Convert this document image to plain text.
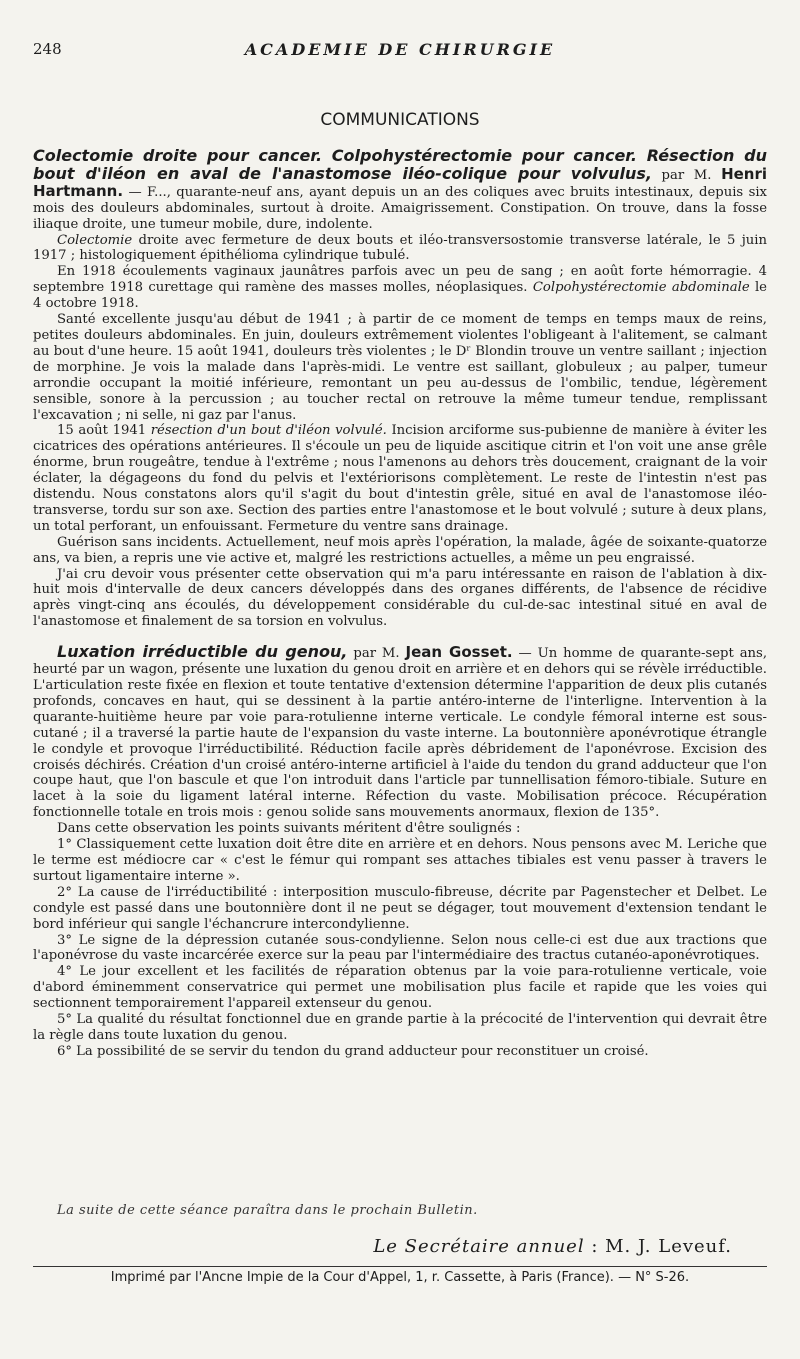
248	ACADEMIE DE CHIRURGIE
COMMUNICATIONS

Colectomie droite pour cancer. Colpohystérectomie pour cancer. Résection du bout d'iléon en aval de l'anastomose iléo-colique pour volvulus, par M. Henri Hartmann. — F..., quarante-neuf ans, ayant depuis un an des coliques avec bruits intestinaux, depuis six mois des douleurs abdominales, surtout à droite. Amaigrissement. Constipation. On trouve, dans la fosse iliaque droite, une tumeur mobile, dure, indolente.

Colectomie droite avec fermeture de deux bouts et iléo-transversostomie transverse latérale, le 5 juin 1917 ; histologiquement épithélioma cylindrique tubulé.

En 1918 écoulements vaginaux jaunâtres parfois avec un peu de sang ; en août forte hémorragie. 4 septembre 1918 curettage qui ramène des masses molles, néoplasiques. Colpohystérectomie abdominale le 4 octobre 1918.

Santé excellente jusqu'au début de 1941 ; à partir de ce moment de temps en temps maux de reins, petites douleurs abdominales. En juin, douleurs extrêmement violentes l'obligeant à l'alitement, se calmant au bout d'une heure. 15 août 1941, douleurs très violentes ; le Dʳ Blondin trouve un ventre saillant ; injection de morphine. Je vois la malade dans l'après-midi. Le ventre est saillant, globuleux ; au palper, tumeur arrondie occupant la moitié inférieure, remontant un peu au-dessus de l'ombilic, tendue, légèrement sensible, sonore à la percussion ; au toucher rectal on retrouve la même tumeur tendue, remplissant l'excavation ; ni selle, ni gaz par l'anus.

15 août 1941 résection d'un bout d'iléon volvulé. Incision arciforme sus-pubienne de manière à éviter les cicatrices des opérations antérieures. Il s'écoule un peu de liquide ascitique citrin et l'on voit une anse grêle énorme, brun rougeâtre, tendue à l'extrême ; nous l'amenons au dehors très doucement, craignant de la voir éclater, la dégageons du fond du pelvis et l'extériorisons complètement. Le reste de l'intestin n'est pas distendu. Nous constatons alors qu'il s'agit du bout d'intestin grêle, situé en aval de l'anastomose iléo-transverse, tordu sur son axe. Section des parties entre l'anastomose et le bout volvulé ; suture à deux plans, un total perforant, un enfouissant. Fermeture du ventre sans drainage.

Guérison sans incidents. Actuellement, neuf mois après l'opération, la malade, âgée de soixante-quatorze ans, va bien, a repris une vie active et, malgré les restrictions actuelles, a même un peu engraissé.

J'ai cru devoir vous présenter cette observation qui m'a paru intéressante en raison de l'ablation à dix-huit mois d'intervalle de deux cancers développés dans des organes différents, de l'absence de récidive après vingt-cinq ans écoulés, du développement considérable du cul-de-sac intestinal situé en aval de l'anastomose et finalement de sa torsion en volvulus.

Luxation irréductible du genou, par M. Jean Gosset. — Un homme de quarante-sept ans, heurté par un wagon, présente une luxation du genou droit en arrière et en dehors qui se révèle irréductible. L'articulation reste fixée en flexion et toute tentative d'extension détermine l'apparition de deux plis cutanés profonds, concaves en haut, qui se dessinent à la partie antéro-interne de l'interligne. Intervention à la quarante-huitième heure par voie para-rotulienne interne verticale. Le condyle fémoral interne est sous-cutané ; il a traversé la partie haute de l'expansion du vaste interne. La boutonnière aponévrotique étrangle le condyle et provoque l'irréductibilité. Réduction facile après débridement de l'aponévrose. Excision des croisés déchirés. Création d'un croisé antéro-interne artificiel à l'aide du tendon du grand adducteur que l'on coupe haut, que l'on bascule et que l'on introduit dans l'article par tunnellisation fémoro-tibiale. Suture en lacet à la soie du ligament latéral interne. Réfection du vaste. Mobilisation précoce. Récupération fonctionnelle totale en trois mois : genou solide sans mouvements anormaux, flexion de 135°.

Dans cette observation les points suivants méritent d'être soulignés :

1° Classiquement cette luxation doit être dite en arrière et en dehors. Nous pensons avec M. Leriche que le terme est médiocre car « c'est le fémur qui rompant ses attaches tibiales est venu passer à travers le surtout ligamentaire interne ».

2° La cause de l'irréductibilité : interposition musculo-fibreuse, décrite par Pagenstecher et Delbet. Le condyle est passé dans une boutonnière dont il ne peut se dégager, tout mouvement d'extension tendant le bord inférieur qui sangle l'échancrure intercondylienne.

3° Le signe de la dépression cutanée sous-condylienne. Selon nous celle-ci est due aux tractions que l'aponévrose du vaste incarcérée exerce sur la peau par l'intermédiaire des tractus cutanéo-aponévrotiques.

4° Le jour excellent et les facilités de réparation obtenus par la voie para-rotulienne verticale, voie d'abord éminemment conservatrice qui permet une mobilisation plus facile et rapide que les voies qui sectionnent temporairement l'appareil extenseur du genou.

5° La qualité du résultat fonctionnel due en grande partie à la précocité de l'intervention qui devrait être la règle dans toute luxation du genou.

6° La possibilité de se servir du tendon du grand adducteur pour reconstituer un croisé.

La suite de cette séance paraîtra dans le prochain Bulletin.
Le Secrétaire annuel : M. J. Leveuf.
Imprimé par l'Ancne Impie de la Cour d'Appel, 1, r. Cassette, à Paris (France). — N° S-26.
